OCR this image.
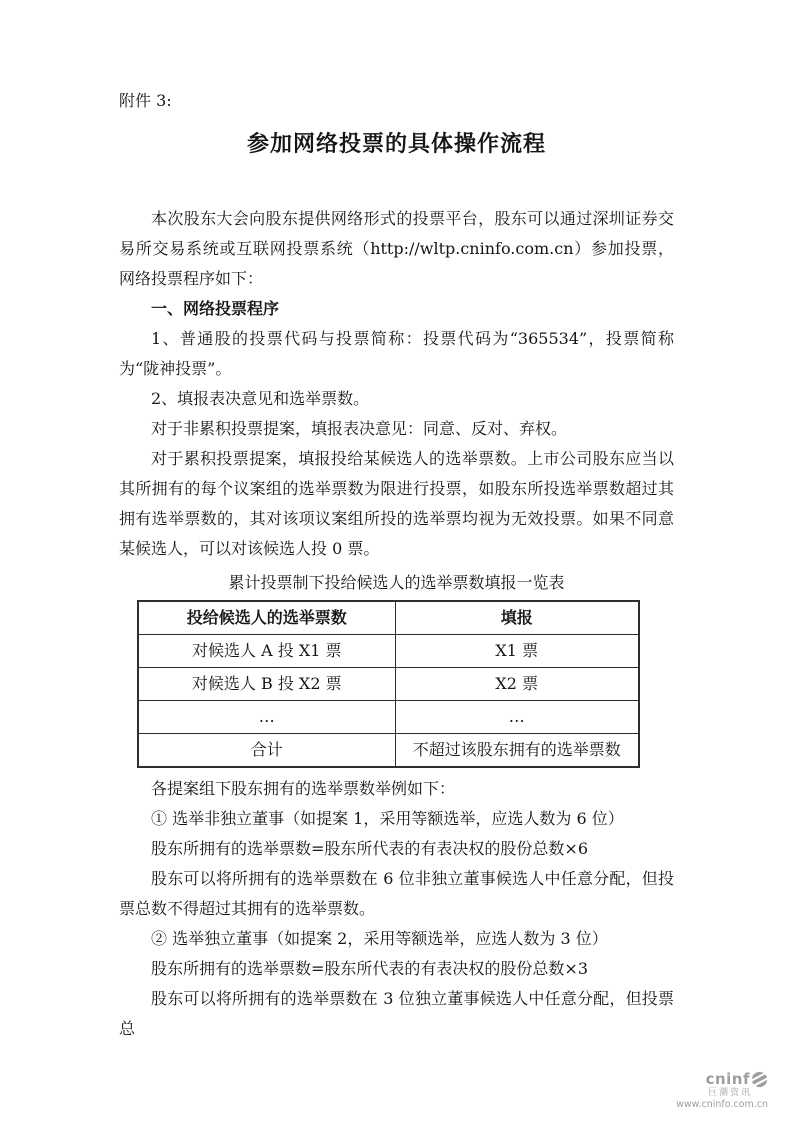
附件 3:

参加网络投票的具体操作流程

本次股东大会向股东提供网络形式的投票平台，股东可以通过深圳证券交易所交易系统或互联网投票系统（http://wltp.cninfo.com.cn）参加投票，网络投票程序如下：

一、网络投票程序

1、普通股的投票代码与投票简称：投票代码为“365534”，投票简称为“陇神投票”。

2、填报表决意见和选举票数。

对于非累积投票提案，填报表决意见：同意、反对、弃权。

对于累积投票提案，填报投给某候选人的选举票数。上市公司股东应当以其所拥有的每个议案组的选举票数为限进行投票，如股东所投选举票数超过其拥有选举票数的，其对该项议案组所投的选举票均视为无效投票。如果不同意某候选人，可以对该候选人投 0 票。

累计投票制下投给候选人的选举票数填报一览表

投给候选人的选举票数	填报
对候选人 A 投 X1 票	X1 票
对候选人 B 投 X2 票	X2 票
…	…
合计	不超过该股东拥有的选举票数

各提案组下股东拥有的选举票数举例如下：

① 选举非独立董事（如提案 1，采用等额选举，应选人数为 6 位）

股东所拥有的选举票数=股东所代表的有表决权的股份总数×6

股东可以将所拥有的选举票数在 6 位非独立董事候选人中任意分配，但投票总数不得超过其拥有的选举票数。

② 选举独立董事（如提案 2，采用等额选举，应选人数为 3 位）

股东所拥有的选举票数=股东所代表的有表决权的股份总数×3

股东可以将所拥有的选举票数在 3 位独立董事候选人中任意分配，但投票总

cninf
巨潮资讯
www.cninfo.com.cn
